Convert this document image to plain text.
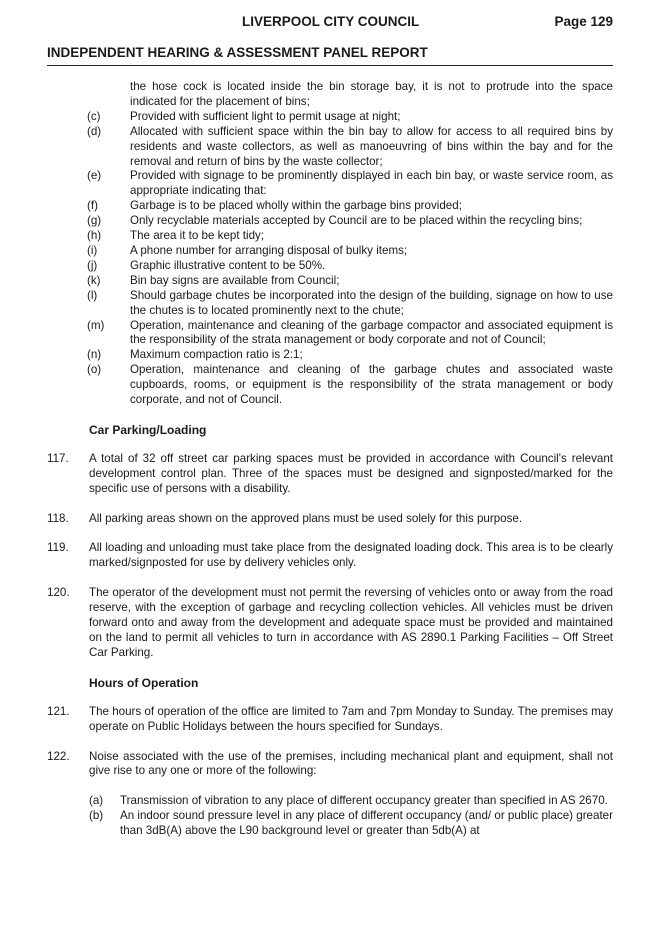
LIVERPOOL CITY COUNCIL	Page 129
INDEPENDENT HEARING & ASSESSMENT PANEL REPORT

the hose cock is located inside the bin storage bay, it is not to protrude into the space indicated for the placement of bins;

(c)	Provided with sufficient light to permit usage at night;
(d) Allocated with sufficient space within the bin bay to allow for access to all required bins by residents and waste collectors, as well as manoeuvring of bins within the bay and for the removal and return of bins by the waste collector;
(e) Provided with signage to be prominently displayed in each bin bay, or waste service room, as appropriate indicating that:
(f)	Garbage is to be placed wholly within the garbage bins provided;
(g) Only recyclable materials accepted by Council are to be placed within the recycling bins;
(h) The area it to be kept tidy;
(i)	A phone number for arranging disposal of bulky items;
(j)	Graphic illustrative content to be 50%.
(k)	Bin bay signs are available from Council;
(l)	Should garbage chutes be incorporated into the design of the building, signage on how to use the chutes is to located prominently next to the chute;
(m) Operation, maintenance and cleaning of the garbage compactor and associated equipment is the responsibility of the strata management or body corporate and not of Council;
(n) Maximum compaction ratio is 2:1;
(o) Operation, maintenance and cleaning of the garbage chutes and associated waste cupboards, rooms, or equipment is the responsibility of the strata management or body corporate, and not of Council.
Car Parking/Loading
117. A total of 32 off street car parking spaces must be provided in accordance with Council's relevant development control plan. Three of the spaces must be designed and signposted/marked for the specific use of persons with a disability.
118. All parking areas shown on the approved plans must be used solely for this purpose.
119. All loading and unloading must take place from the designated loading dock. This area is to be clearly marked/signposted for use by delivery vehicles only.
120. The operator of the development must not permit the reversing of vehicles onto or away from the road reserve, with the exception of garbage and recycling collection vehicles. All vehicles must be driven forward onto and away from the development and adequate space must be provided and maintained on the land to permit all vehicles to turn in accordance with AS 2890.1 Parking Facilities – Off Street Car Parking.
Hours of Operation
121. The hours of operation of the office are limited to 7am and 7pm Monday to Sunday. The premises may operate on Public Holidays between the hours specified for Sundays.
122. Noise associated with the use of the premises, including mechanical plant and equipment, shall not give rise to any one or more of the following:
(a) Transmission of vibration to any place of different occupancy greater than specified in AS 2670.
(b) An indoor sound pressure level in any place of different occupancy (and/ or public place) greater than 3dB(A) above the L90 background level or greater than 5db(A) at
